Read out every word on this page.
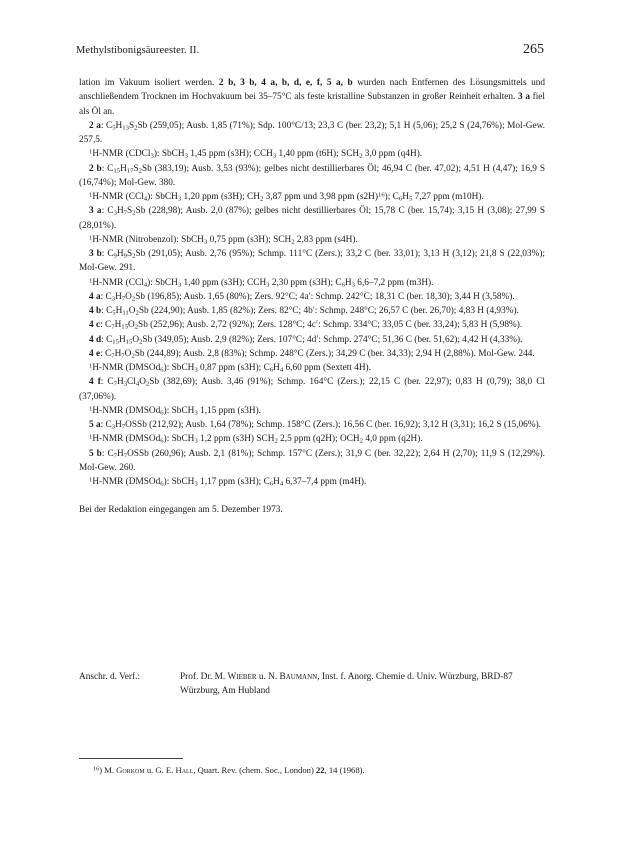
Methylstibonigsäureester. II.	265

lation im Vakuum isoliert werden. 2 b, 3 b, 4 a, b, d, e, f, 5 a, b wurden nach Entfernen des Lösungsmittels und anschließendem Trocknen im Hochvakuum bei 35–75°C als feste kristalline Substanzen in großer Reinheit erhalten. 3 a fiel als Öl an.

2 a: $C_5H_{13}S_2Sb$ (259,05); Ausb. 1,85 (71%); Sdp. 100°C/13; 23,3 C (ber. 23,2); 5,1 H (5,06); 25,2 S (24,76%); Mol-Gew. 257,5.

$^1$H-NMR (CDCl$_3$): SbCH$_3$ 1,45 ppm (s3H); $CCH_3$ 1,40 ppm (t6H); $SCH_2$ 3,0 ppm (q4H).

2 b: $C_{15}H_{17}S_2Sb$ (383,19); Ausb. 3,53 (93%); gelbes nicht destillierbares Öl; 46,94 C (ber. 47,02); 4,51 H (4,47); 16,9 S (16,74%); Mol-Gew. 380.

$^1$H-NMR (CCl$_4$): SbCH$_3$ 1,20 ppm (s3H); $CH_2$ 3,87 ppm und 3,98 ppm $(s2H)^{16}$); $C_6H_5$ 7,27 ppm (m10H).

3 a: $C_3H_7S_2Sb$ (228,98); Ausb. 2,0 (87%); gelbes nicht destillierbares Öl; 15,78 C (ber. 15,74); 3,15 H (3,08); 27,99 S (28,01%).

$^1$H-NMR (Nitrobenzol): SbCH$_3$ 0,75 ppm (s3H); $SCH_2$ 2,83 ppm (s4H).

3 b: $C_9H_9S_2Sb$ (291,05); Ausb. 2,76 (95%); Schmp. 111°C (Zers.); 33,2 C (ber. 33,01); 3,13 H (3,12); 21,8 S (22,03%); Mol-Gew. 291.

$^1$H-NMR (CCl$_4$): SbCH$_3$ 1,40 ppm (s3H); $CCH_3$ 2,30 ppm (s3H); $C_6H_3$ 6,6–7,2 ppm (m3H).

4 a: $C_3H_7O_2Sb$ (196,85); Ausb. 1,65 (80%); Zers. 92°C; 4a′: Schmp. 242°C; 18,31 C (ber. 18,30); 3,44 H (3,58%).

4 b: $C_5H_{11}O_2Sb$ (224,90); Ausb. 1,85 (82%); Zers. 82°C; 4b′: Schmp. 248°C; 26,57 C (ber. 26,70); 4,83 H (4,93%).

4 c: $C_7H_{15}O_2Sb$ (252,96); Ausb. 2,72 (92%); Zers. 128°C; 4c′: Schmp. 334°C; 33,05 C (ber. 33,24); 5,83 H (5,98%).

4 d: $C_{15}H_{15}O_2Sb$ (349,05); Ausb. 2,9 (82%); Zers. 107°C; 4d′: Schmp. 274°C; 51,36 C (ber. 51,62); 4,42 H (4,33%).

4 e: $C_7H_7O_2Sb$ (244,89); Ausb. 2,8 (83%); Schmp. 248°C (Zers.); 34,29 C (ber. 34,33); 2,94 H (2,88%). Mol-Gew. 244.

$^1$H-NMR (DMSOd$_6$): SbCH$_3$ 0,87 ppm (s3H); $C_6H_4$ 6,60 ppm (Sextett 4H).

4 f: $C_7H_3Cl_4O_2Sb$ (382,69); Ausb. 3,46 (91%); Schmp. 164°C (Zers.); 22,15 C (ber. 22,97); 0,83 H (0,79); 38,0 Cl (37,06%).

$^1$H-NMR (DMSOd$_6$): SbCH$_3$ 1,15 ppm (s3H).

5 a: $C_3H_7OSSb$ (212,92); Ausb. 1,64 (78%); Schmp. 158°C (Zers.); 16,56 C (ber. 16,92); 3,12 H (3,31); 16,2 S (15,06%).

$^1$H-NMR (DMSOd$_6$): SbCH$_3$ 1,2 ppm (s3H) $SCH_2$ 2,5 ppm (q2H); $OCH_2$ 4,0 ppm (q2H).

5 b: $C_7H_7OSSb$ (260,96); Ausb. 2,1 (81%); Schmp. 157°C (Zers.); 31,9 C (ber. 32,22); 2,64 H (2,70); 11,9 S (12,29%). Mol-Gew. 260.

$^1$H-NMR (DMSOd$_6$): SbCH$_3$ 1,17 ppm (s3H); $C_6H_4$ 6,37–7,4 ppm (m4H).

Bei der Redaktion eingegangen am 5. Dezember 1973.

Anschr. d. Verf.:	Prof. Dr. M. Wieber u. N. Baumann, Inst. f. Anorg. Chemie d. Univ. Würzburg, BRD-87 Würzburg, Am Hubland
$^{16}$) M. Gorkom u. G. E. Hall, Quart. Rev. (chem. Soc., London) 22, 14 (1968).
